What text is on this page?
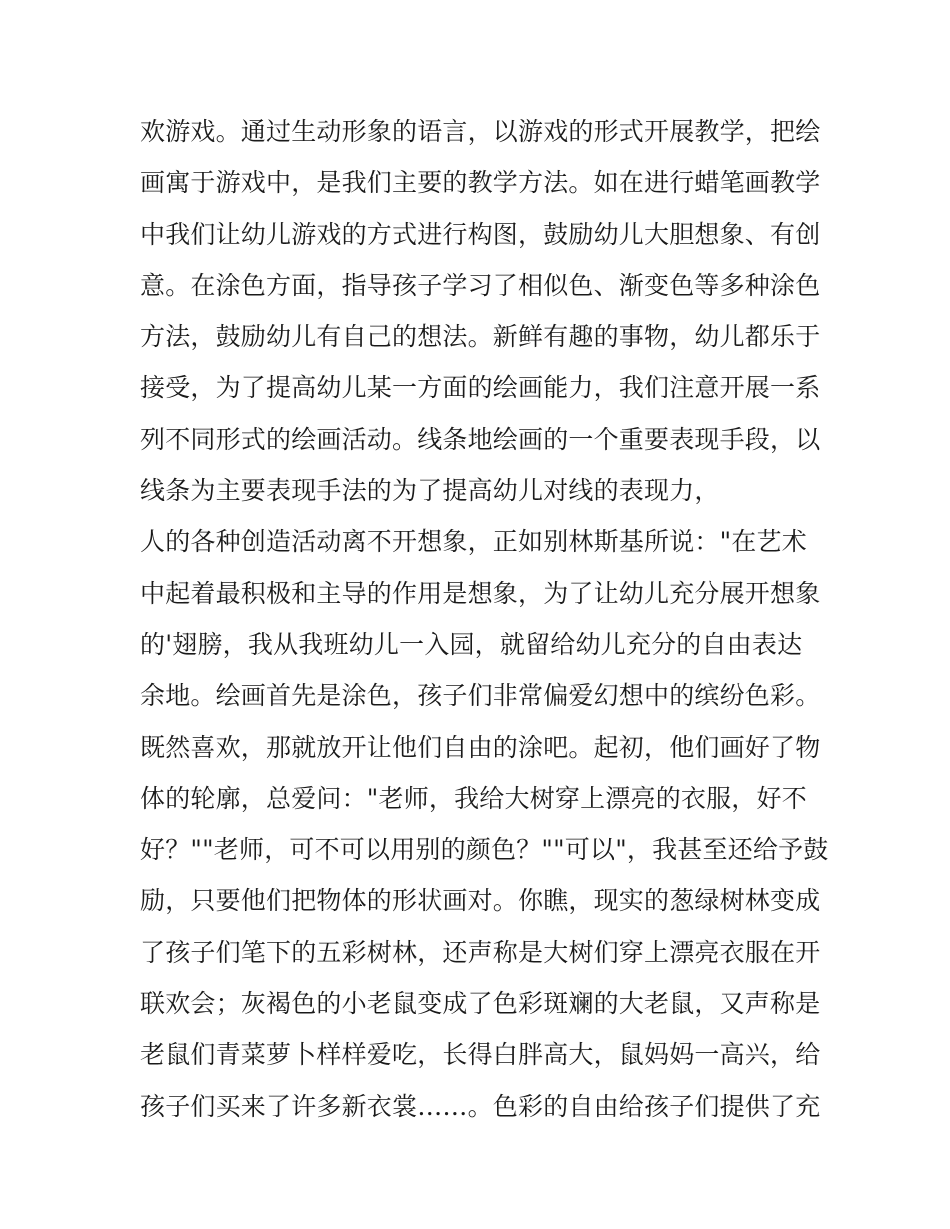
欢游戏。通过生动形象的语言，以游戏的形式开展教学，把绘
画寓于游戏中，是我们主要的教学方法。如在进行蜡笔画教学
中我们让幼儿游戏的方式进行构图，鼓励幼儿大胆想象、有创
意。在涂色方面，指导孩子学习了相似色、渐变色等多种涂色
方法，鼓励幼儿有自己的想法。新鲜有趣的事物，幼儿都乐于
接受，为了提高幼儿某一方面的绘画能力，我们注意开展一系
列不同形式的绘画活动。线条地绘画的一个重要表现手段，以
线条为主要表现手法的为了提高幼儿对线的表现力，
人的各种创造活动离不开想象，正如别林斯基所说："在艺术
中起着最积极和主导的作用是想象，为了让幼儿充分展开想象
的'翅膀，我从我班幼儿一入园，就留给幼儿充分的自由表达
余地。绘画首先是涂色，孩子们非常偏爱幻想中的缤纷色彩。
既然喜欢，那就放开让他们自由的涂吧。起初，他们画好了物
体的轮廓，总爱问："老师，我给大树穿上漂亮的衣服，好不
好？""老师，可不可以用别的颜色？""可以"，我甚至还给予鼓
励，只要他们把物体的形状画对。你瞧，现实的葱绿树林变成
了孩子们笔下的五彩树林，还声称是大树们穿上漂亮衣服在开
联欢会；灰褐色的小老鼠变成了色彩斑斓的大老鼠，又声称是
老鼠们青菜萝卜样样爱吃，长得白胖高大，鼠妈妈一高兴，给
孩子们买来了许多新衣裳……。色彩的自由给孩子们提供了充
